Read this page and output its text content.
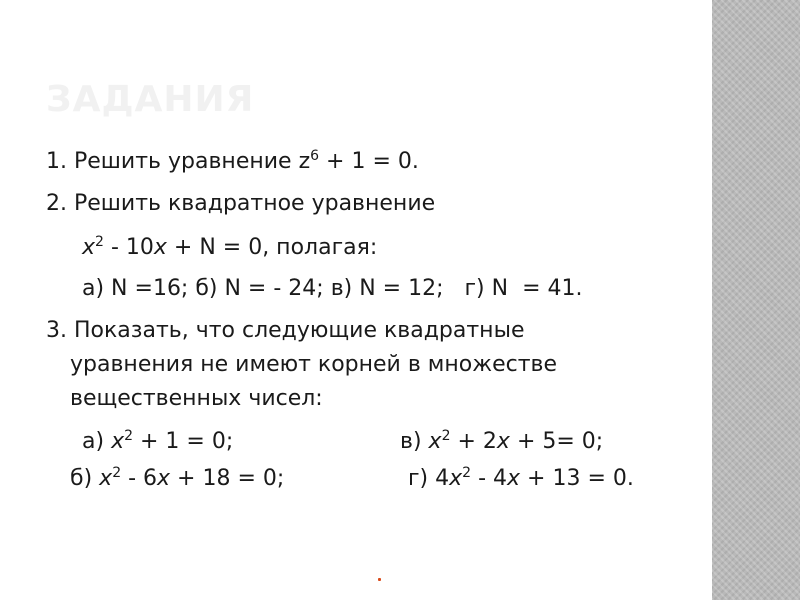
ЗАДАНИЯ
1. Решить уравнение $z^6 + 1 = 0$.
2. Решить квадратное уравнение
$x^2 - 10x + N = 0$, полагая:
а) N =16; б) N = - 24; в) N = 12;   г) N  = 41.
3. Показать, что следующие квадратные
уравнения не имеют корней в множестве
вещественных чисел:
а) $x^2 + 1 = 0$;	в) $x^2 + 2x + 5= 0$;
б) $x^2 - 6x + 18 = 0$;	г) $4x^2 - 4x + 13 = 0$.
